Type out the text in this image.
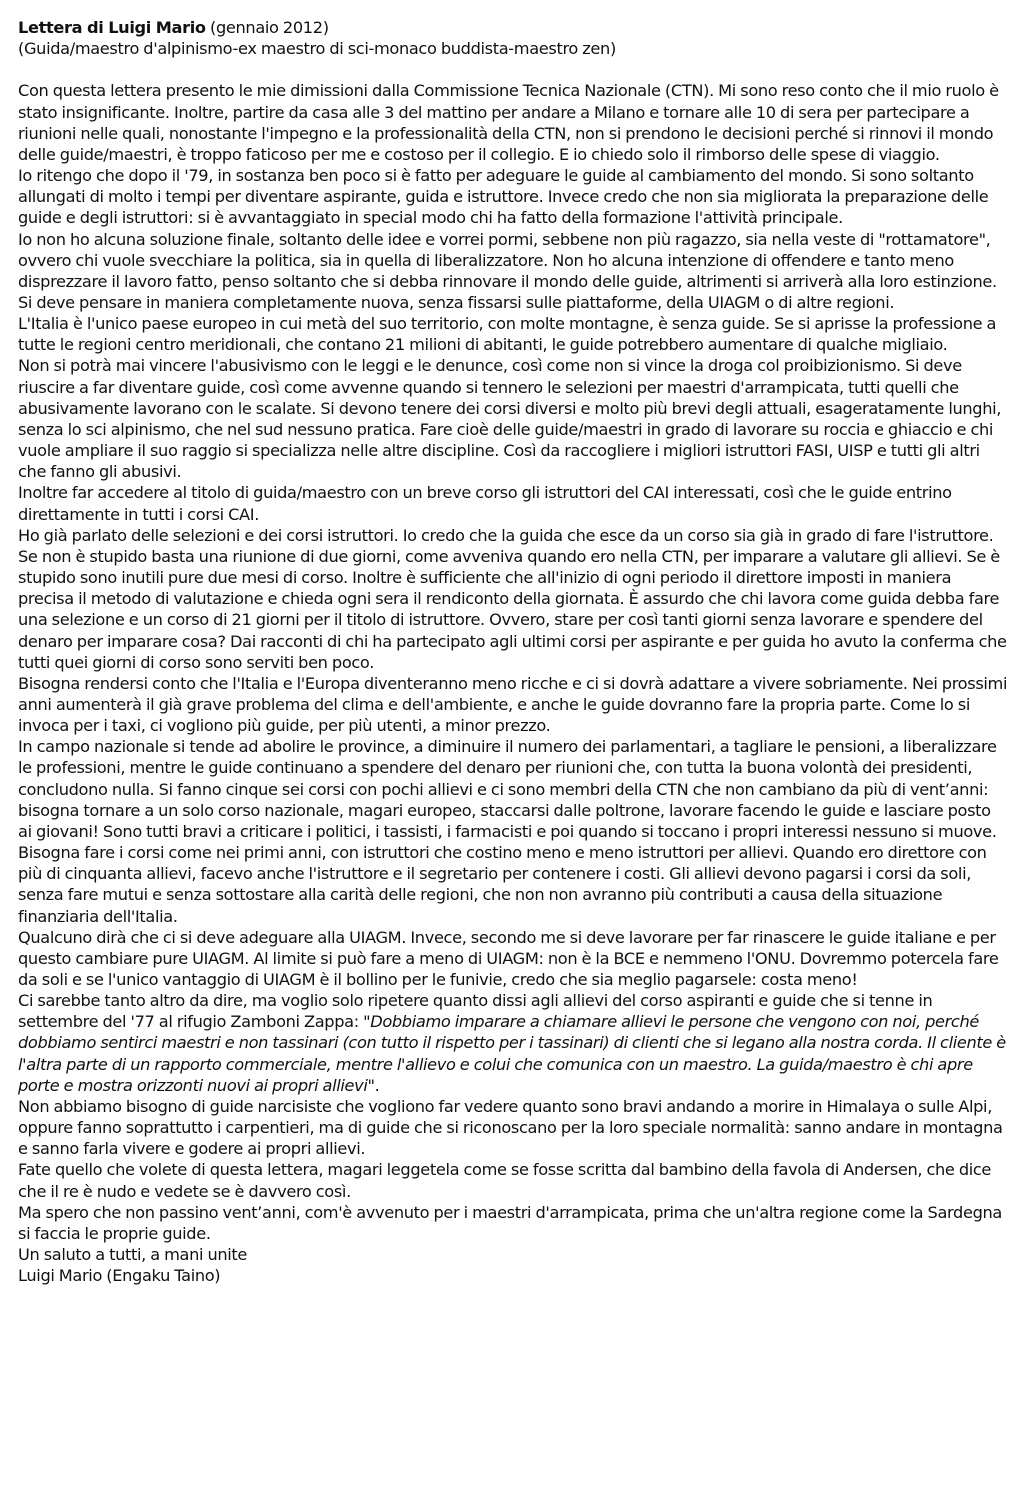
Lettera di Luigi Mario (gennaio 2012)
(Guida/maestro d'alpinismo-ex maestro di sci-monaco buddista-maestro zen)

Con questa lettera presento le mie dimissioni dalla Commissione Tecnica Nazionale (CTN). Mi sono reso conto che il mio ruolo è stato insignificante. Inoltre, partire da casa alle 3 del mattino per andare a Milano e tornare alle 10 di sera per partecipare a riunioni nelle quali, nonostante l'impegno e la professionalità della CTN, non si prendono le decisioni perché si rinnovi il mondo delle guide/maestri, è troppo faticoso per me e costoso per il collegio. E io chiedo solo il rimborso delle spese di viaggio.

Io ritengo che dopo il '79, in sostanza ben poco si è fatto per adeguare le guide al cambiamento del mondo. Si sono soltanto allungati di molto i tempi per diventare aspirante, guida e istruttore. Invece credo che non sia migliorata la preparazione delle guide e degli istruttori: si è avvantaggiato in special modo chi ha fatto della formazione l'attività principale.

Io non ho alcuna soluzione finale, soltanto delle idee e vorrei pormi, sebbene non più ragazzo, sia nella veste di "rottamatore", ovvero chi vuole svecchiare la politica, sia in quella di liberalizzatore. Non ho alcuna intenzione di offendere e tanto meno disprezzare il lavoro fatto, penso soltanto che si debba rinnovare il mondo delle guide, altrimenti si arriverà alla loro estinzione.

Si deve pensare in maniera completamente nuova, senza fissarsi sulle piattaforme, della UIAGM o di altre regioni.

L'Italia è l'unico paese europeo in cui metà del suo territorio, con molte montagne, è senza guide. Se si aprisse la professione a tutte le regioni centro meridionali, che contano 21 milioni di abitanti, le guide potrebbero aumentare di qualche migliaio.

Non si potrà mai vincere l'abusivismo con le leggi e le denunce, così come non si vince la droga col proibizionismo. Si deve riuscire a far diventare guide, così come avvenne quando si tennero le selezioni per maestri d'arrampicata, tutti quelli che abusivamente lavorano con le scalate. Si devono tenere dei corsi diversi e molto più brevi degli attuali, esageratamente lunghi, senza lo sci alpinismo, che nel sud nessuno pratica. Fare cioè delle guide/maestri in grado di lavorare su roccia e ghiaccio e chi vuole ampliare il suo raggio si specializza nelle altre discipline. Così da raccogliere i migliori istruttori FASI, UISP e tutti gli altri che fanno gli abusivi.

Inoltre far accedere al titolo di guida/maestro con un breve corso gli istruttori del CAI interessati, così che le guide entrino direttamente in tutti i corsi CAI.

Ho già parlato delle selezioni e dei corsi istruttori. Io credo che la guida che esce da un corso sia già in grado di fare l'istruttore. Se non è stupido basta una riunione di due giorni, come avveniva quando ero nella CTN, per imparare a valutare gli allievi. Se è stupido sono inutili pure due mesi di corso. Inoltre è sufficiente che all'inizio di ogni periodo il direttore imposti in maniera precisa il metodo di valutazione e chieda ogni sera il rendiconto della giornata. È assurdo che chi lavora come guida debba fare una selezione e un corso di 21 giorni per il titolo di istruttore. Ovvero, stare per così tanti giorni senza lavorare e spendere del denaro per imparare cosa? Dai racconti di chi ha partecipato agli ultimi corsi per aspirante e per guida ho avuto la conferma che tutti quei giorni di corso sono serviti ben poco.

Bisogna rendersi conto che l'Italia e l'Europa diventeranno meno ricche e ci si dovrà adattare a vivere sobriamente. Nei prossimi anni aumenterà il già grave problema del clima e dell'ambiente, e anche le guide dovranno fare la propria parte. Come lo si invoca per i taxi, ci vogliono più guide, per più utenti, a minor prezzo.

In campo nazionale si tende ad abolire le province, a diminuire il numero dei parlamentari, a tagliare le pensioni, a liberalizzare le professioni, mentre le guide continuano a spendere del denaro per riunioni che, con tutta la buona volontà dei presidenti, concludono nulla. Si fanno cinque sei corsi con pochi allievi e ci sono membri della CTN che non cambiano da più di vent’anni: bisogna tornare a un solo corso nazionale, magari europeo, staccarsi dalle poltrone, lavorare facendo le guide e lasciare posto ai giovani! Sono tutti bravi a criticare i politici, i tassisti, i farmacisti e poi quando si toccano i propri interessi nessuno si muove.

Bisogna fare i corsi come nei primi anni, con istruttori che costino meno e meno istruttori per allievi. Quando ero direttore con più di cinquanta allievi, facevo anche l'istruttore e il segretario per contenere i costi. Gli allievi devono pagarsi i corsi da soli, senza fare mutui e senza sottostare alla carità delle regioni, che non non avranno più contributi a causa della situazione finanziaria dell'Italia.

Qualcuno dirà che ci si deve adeguare alla UIAGM. Invece, secondo me si deve lavorare per far rinascere le guide italiane e per questo cambiare pure UIAGM. Al limite si può fare a meno di UIAGM: non è la BCE e nemmeno l'ONU. Dovremmo potercela fare da soli e se l'unico vantaggio di UIAGM è il bollino per le funivie, credo che sia meglio pagarsele: costa meno!

Ci sarebbe tanto altro da dire, ma voglio solo ripetere quanto dissi agli allievi del corso aspiranti e guide che si tenne in settembre del '77 al rifugio Zamboni Zappa: "Dobbiamo imparare a chiamare allievi le persone che vengono con noi, perché dobbiamo sentirci maestri e non tassinari (con tutto il rispetto per i tassinari) di clienti che si legano alla nostra corda. Il cliente è l'altra parte di un rapporto commerciale, mentre l'allievo e colui che comunica con un maestro. La guida/maestro è chi apre porte e mostra orizzonti nuovi ai propri allievi".

Non abbiamo bisogno di guide narcisiste che vogliono far vedere quanto sono bravi andando a morire in Himalaya o sulle Alpi, oppure fanno soprattutto i carpentieri, ma di guide che si riconoscano per la loro speciale normalità: sanno andare in montagna e sanno farla vivere e godere ai propri allievi.

Fate quello che volete di questa lettera, magari leggetela come se fosse scritta dal bambino della favola di Andersen, che dice che il re è nudo e vedete se è davvero così.

Ma spero che non passino vent’anni, com'è avvenuto per i maestri d'arrampicata, prima che un'altra regione come la Sardegna si faccia le proprie guide.

Un saluto a tutti, a mani unite

Luigi Mario (Engaku Taino)
